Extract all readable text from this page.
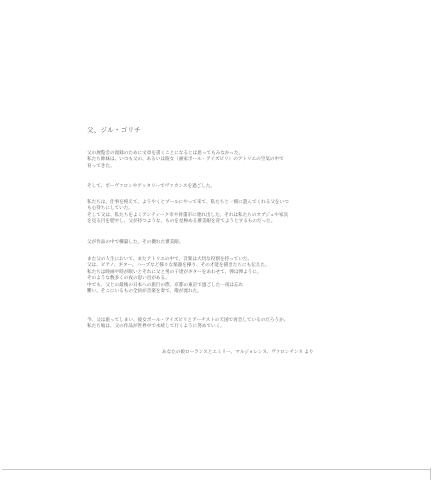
父、ジル・ゴリチ
父の展覧会の図録のために文章を書くことになるとは思ってもみなかった。
私たち姉妹は、いつも父の、あるいは彼女（画家ポール・アイズピリ）のアトリエの空気の中で
育ってきた。
そして、ボーヴァロンやゲッタリーでヴァカンスを過ごした。
私たちは、仕事を終えて、ようやくとプールにやって来て、私たちと一緒に遊んでくれる父をいつ
も心待ちにしていた。
そして父は、私たちをよくアンティーク市や骨董市に連れ出した。それは私たちのオブジェや家具
を見る目を肥やし、父が持つような、ものを見極める審美眼を育てようとするものだった。
父が作品の中で構築した、その優れた審美眼。
また父の人生において、またアトリエの中で、音楽は大切な役割を持っていた。
父は、ピアノ、ギター、ハープなど様々な楽器を操り、その才能を描きたちにも伝えた。
私たちは映画や時が眠いとそれに父と男の子達がギターをあわせて、弾は弾ように。
そのような数多くの夜の思い出がある。
中でも、父との最後の日本への旅行の際、京都の東京で過ごした一夜は忘れ
難い。そこにいるもの全員が音楽を奏で、歌が流れた。
今、父は旅ってしまい、彼女ポール・アイズピリとアーチストの天国で再会しているのだろうか。
私たち娘は、父の作品が世界中で永続して行くように努めていく。
あなたの娘ローランスとエミリー、マルジョレンヌ、ヴァロンチンヌ より
